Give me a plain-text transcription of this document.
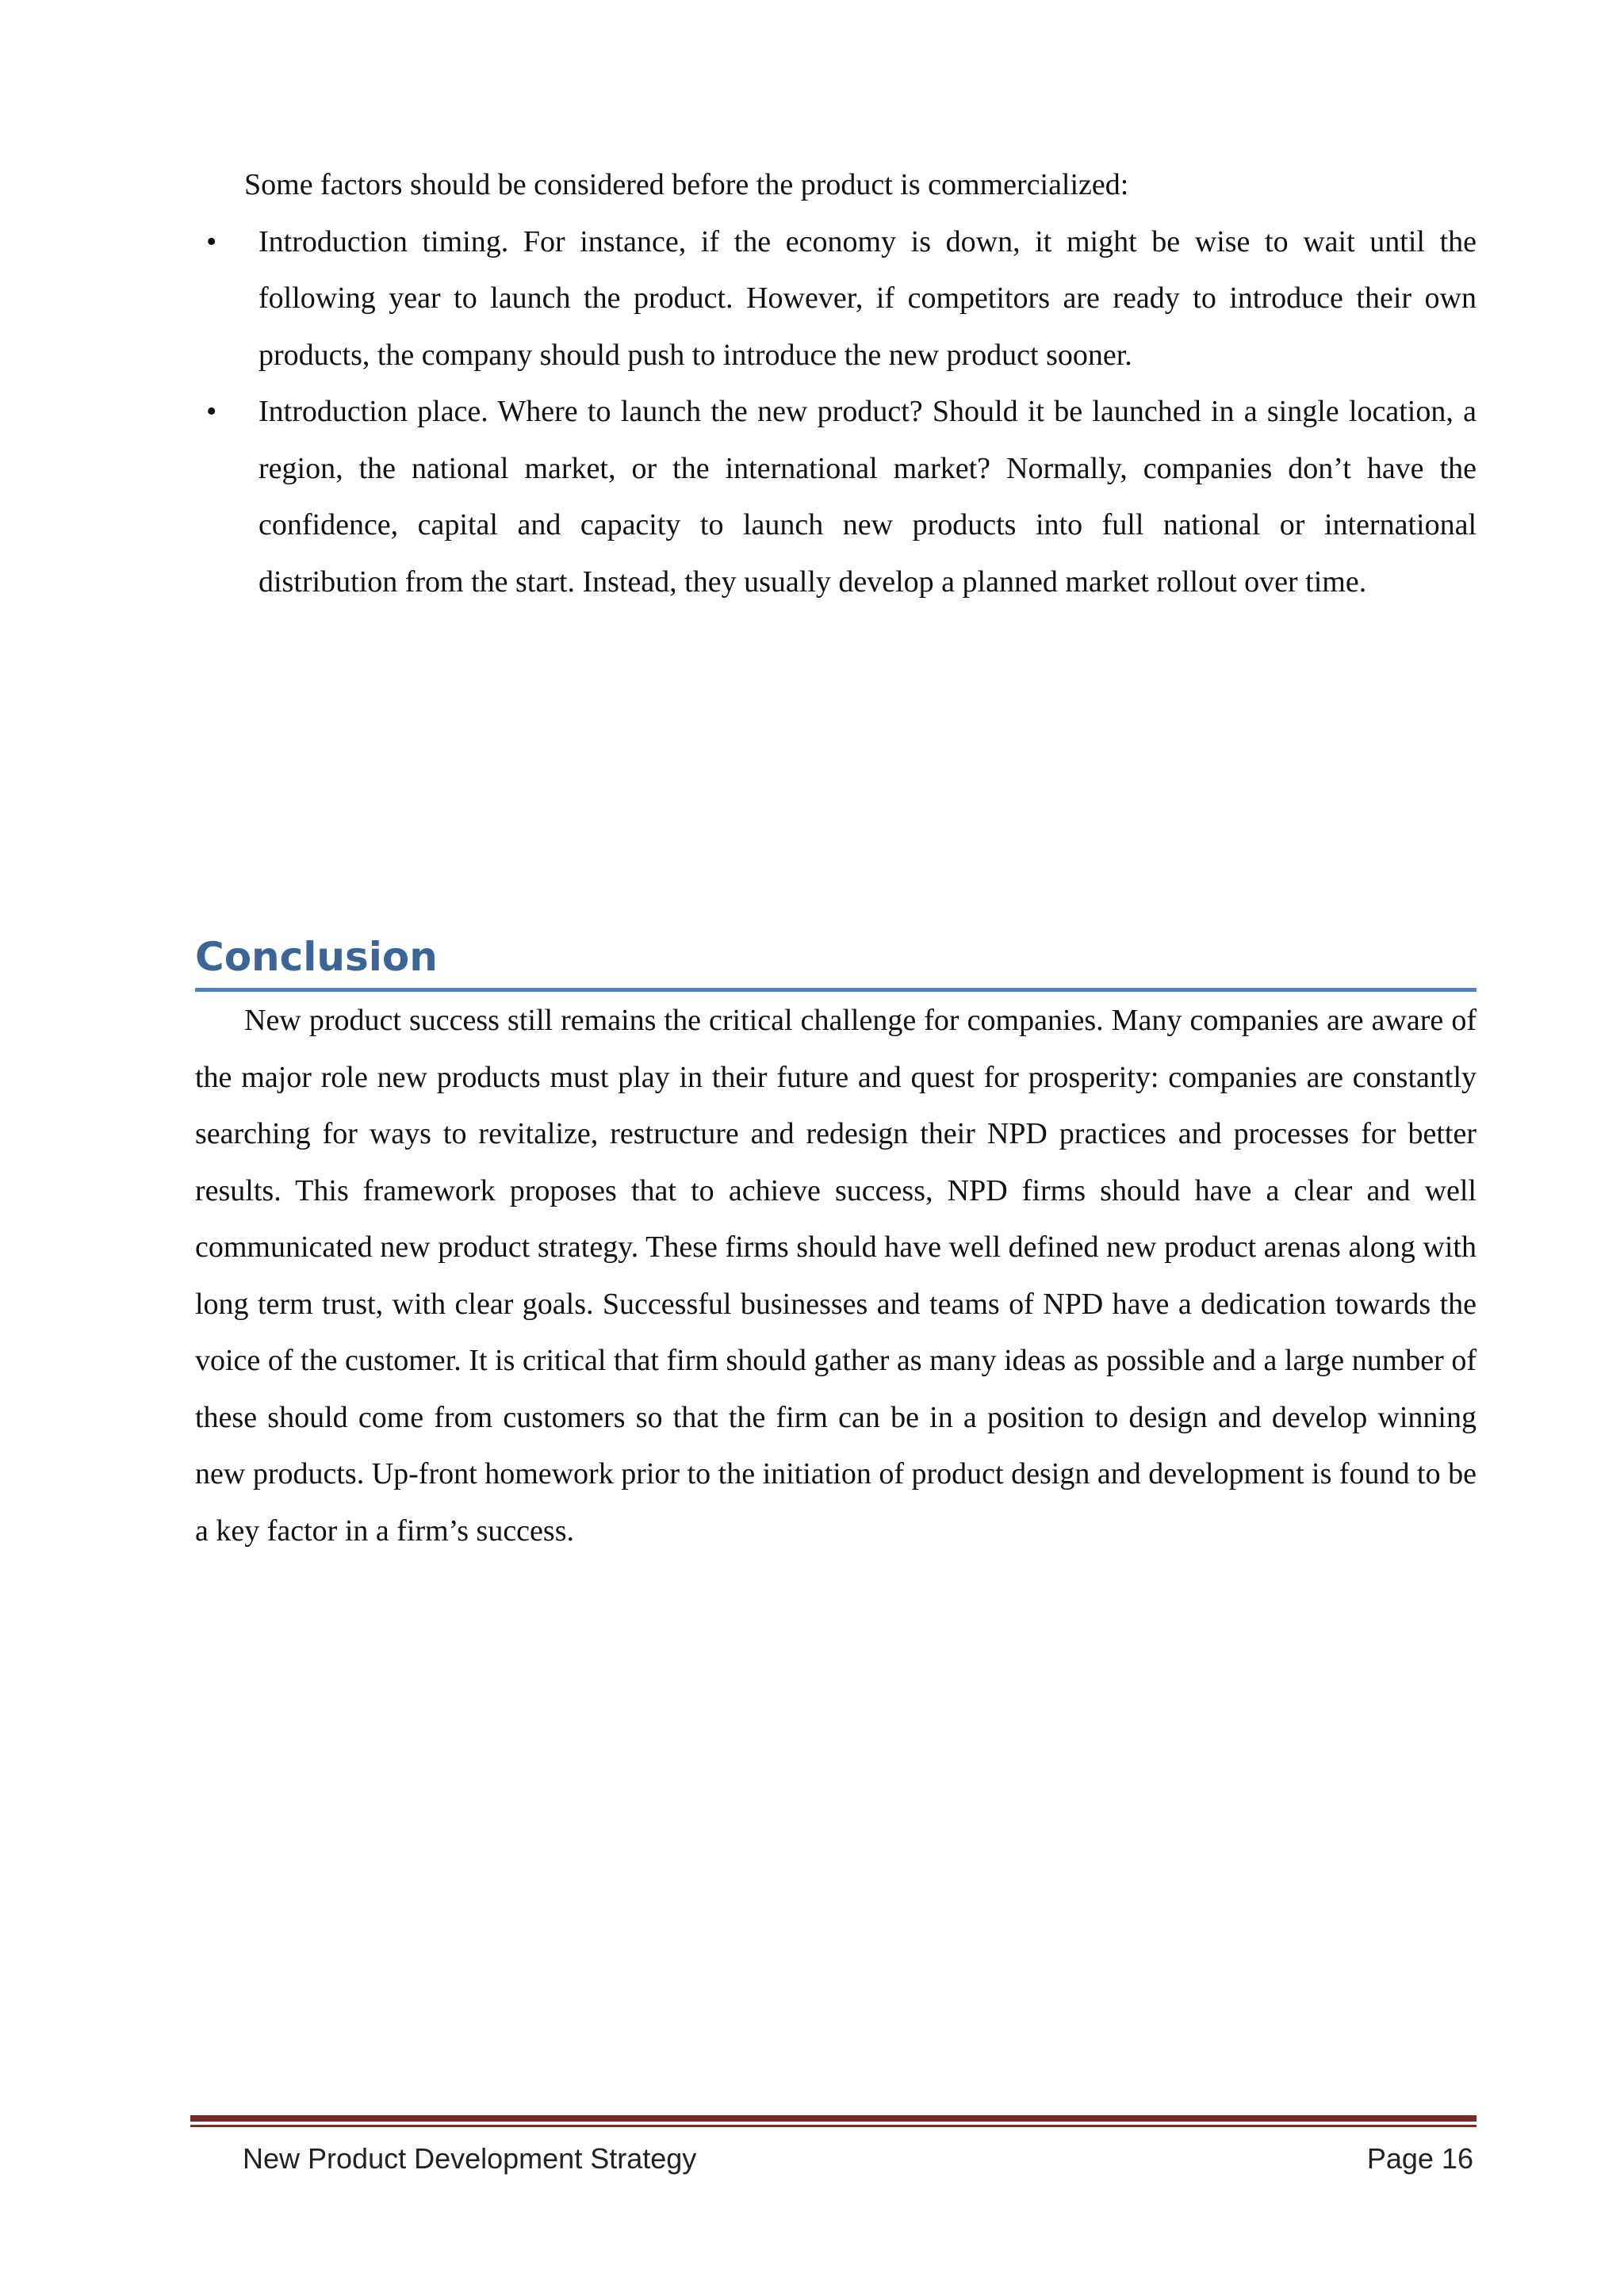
Some factors should be considered before the product is commercialized:

• Introduction timing. For instance, if the economy is down, it might be wise to wait until the following year to launch the product. However, if competitors are ready to introduce their own products, the company should push to introduce the new product sooner.
• Introduction place. Where to launch the new product? Should it be launched in a single location, a region, the national market, or the international market? Normally, companies don’t have the confidence, capital and capacity to launch new products into full national or international distribution from the start. Instead, they usually develop a planned market rollout over time.
Conclusion

New product success still remains the critical challenge for companies. Many companies are aware of the major role new products must play in their future and quest for prosperity: companies are constantly searching for ways to revitalize, restructure and redesign their NPD practices and processes for better results. This framework proposes that to achieve success, NPD firms should have a clear and well communicated new product strategy. These firms should have well defined new product arenas along with long term trust, with clear goals. Successful businesses and teams of NPD have a dedication towards the voice of the customer. It is critical that firm should gather as many ideas as possible and a large number of these should come from customers so that the firm can be in a position to design and develop winning new products. Up-front homework prior to the initiation of product design and development is found to be a key factor in a firm’s success.

New Product Development Strategy	Page 16
